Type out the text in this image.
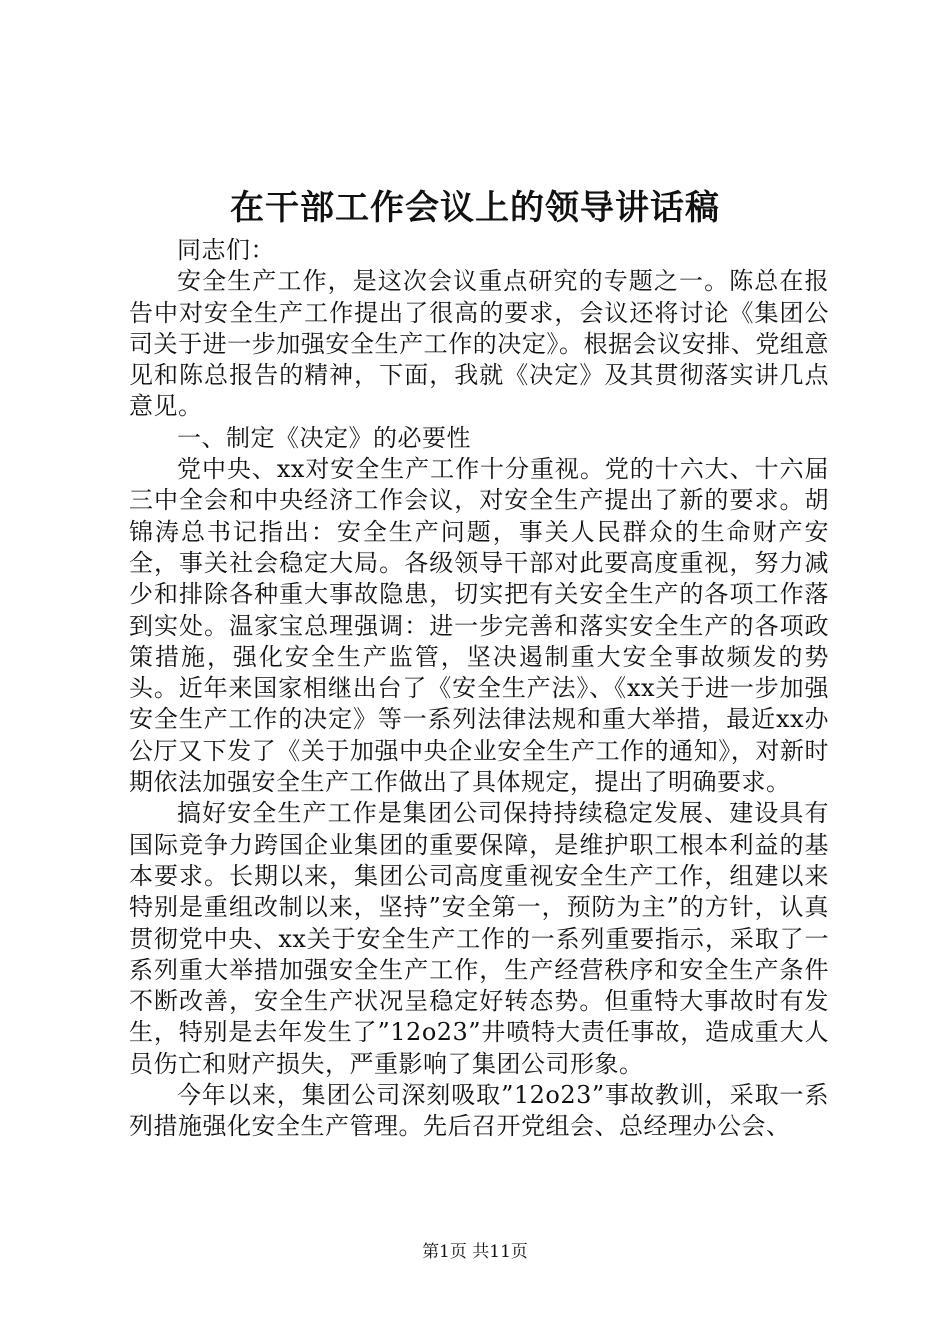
在干部工作会议上的领导讲话稿

同志们：

安全生产工作，是这次会议重点研究的专题之一。陈总在报告中对安全生产工作提出了很高的要求，会议还将讨论《集团公司关于进一步加强安全生产工作的决定》。根据会议安排、党组意见和陈总报告的精神，下面，我就《决定》及其贯彻落实讲几点意见。

一、制定《决定》的必要性

党中央、xx对安全生产工作十分重视。党的十六大、十六届三中全会和中央经济工作会议，对安全生产提出了新的要求。胡锦涛总书记指出：安全生产问题，事关人民群众的生命财产安全，事关社会稳定大局。各级领导干部对此要高度重视，努力减少和排除各种重大事故隐患，切实把有关安全生产的各项工作落到实处。温家宝总理强调：进一步完善和落实安全生产的各项政策措施，强化安全生产监管，坚决遏制重大安全事故频发的势头。近年来国家相继出台了《安全生产法》、《xx关于进一步加强安全生产工作的决定》等一系列法律法规和重大举措，最近xx办公厅又下发了《关于加强中央企业安全生产工作的通知》，对新时期依法加强安全生产工作做出了具体规定，提出了明确要求。

搞好安全生产工作是集团公司保持持续稳定发展、建设具有国际竞争力跨国企业集团的重要保障，是维护职工根本利益的基本要求。长期以来，集团公司高度重视安全生产工作，组建以来特别是重组改制以来，坚持”安全第一，预防为主”的方针，认真贯彻党中央、xx关于安全生产工作的一系列重要指示，采取了一系列重大举措加强安全生产工作，生产经营秩序和安全生产条件不断改善，安全生产状况呈稳定好转态势。但重特大事故时有发生，特别是去年发生了”12o23”井喷特大责任事故，造成重大人员伤亡和财产损失，严重影响了集团公司形象。

今年以来，集团公司深刻吸取”12o23”事故教训，采取一系列措施强化安全生产管理。先后召开党组会、总经理办公会、

第1页 共11页
